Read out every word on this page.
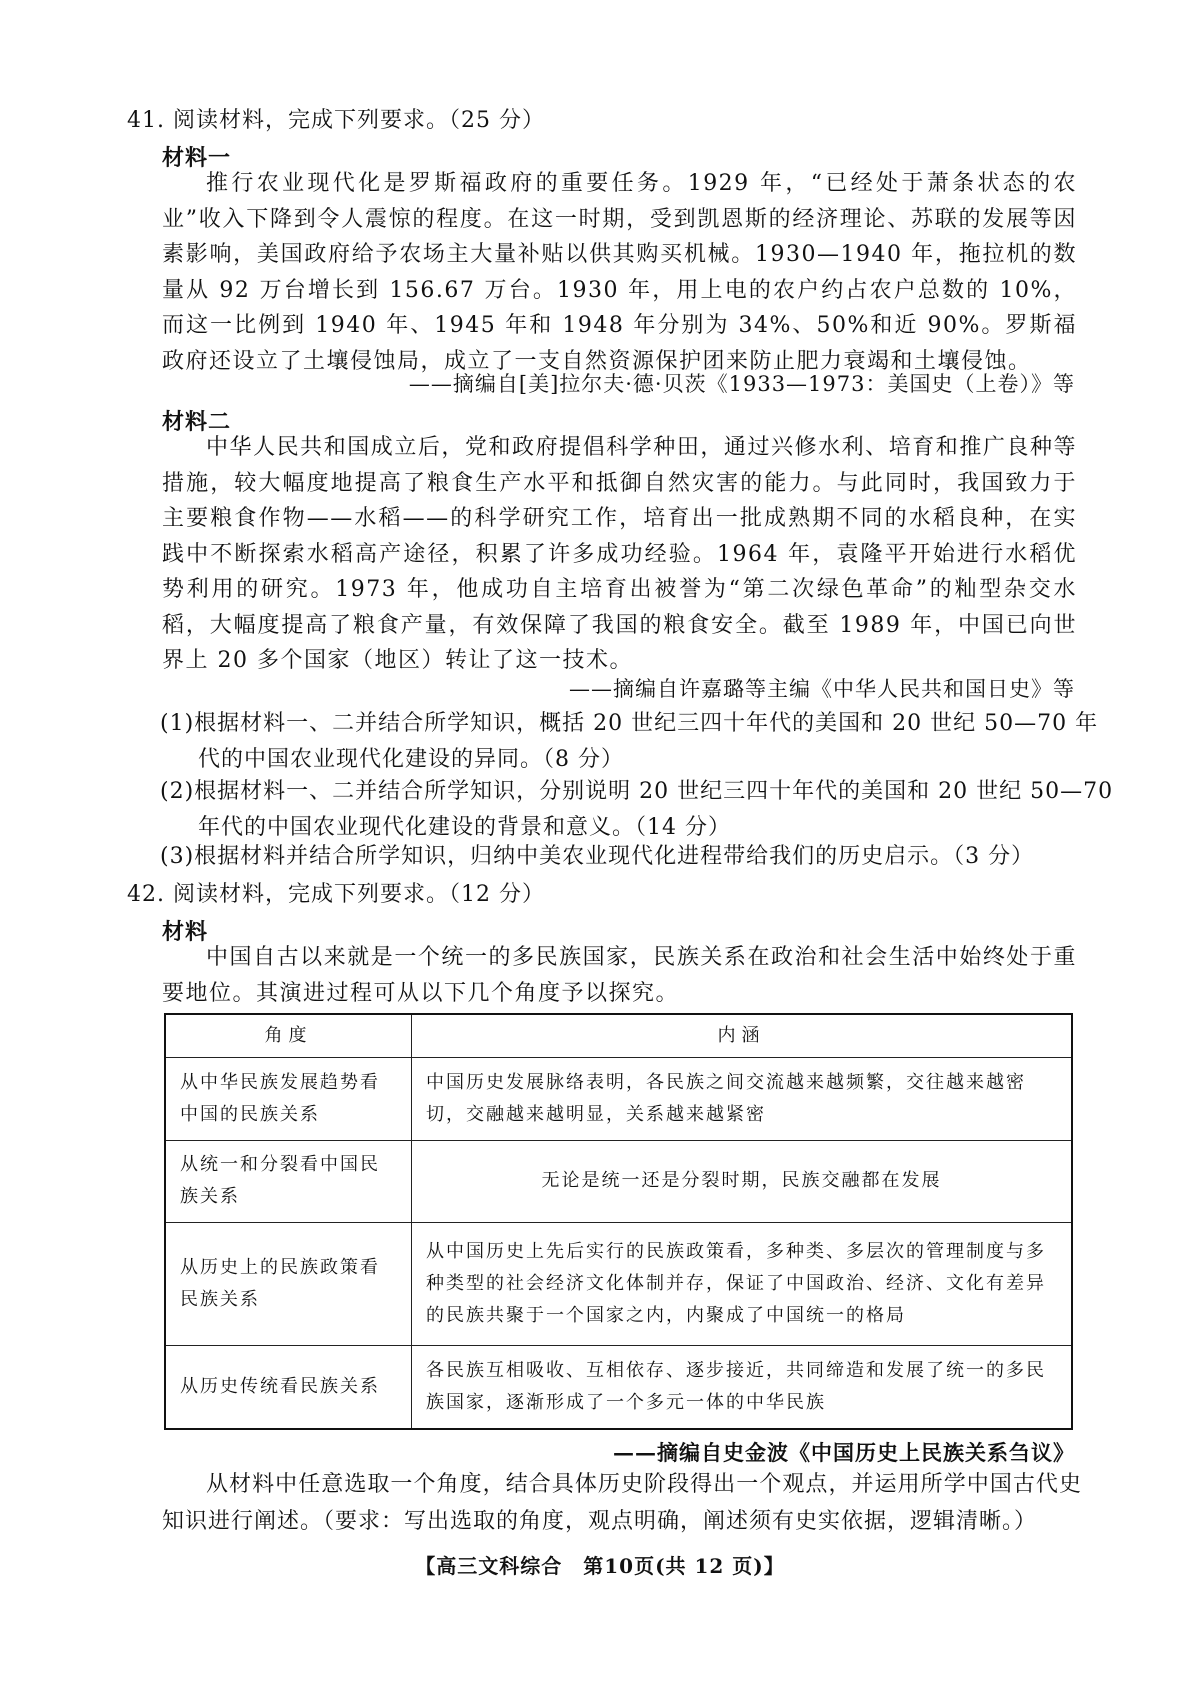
41. 阅读材料，完成下列要求。（25 分）
材料一

推行农业现代化是罗斯福政府的重要任务。1929 年，“已经处于萧条状态的农业”收入下降到令人震惊的程度。在这一时期，受到凯恩斯的经济理论、苏联的发展等因素影响，美国政府给予农场主大量补贴以供其购买机械。1930—1940 年，拖拉机的数量从 92 万台增长到 156.67 万台。1930 年，用上电的农户约占农户总数的 10%，而这一比例到 1940 年、1945 年和 1948 年分别为 34%、50%和近 90%。罗斯福政府还设立了土壤侵蚀局，成立了一支自然资源保护团来防止肥力衰竭和土壤侵蚀。

——摘编自[美]拉尔夫·德·贝茨《1933—1973：美国史（上卷）》等
材料二

中华人民共和国成立后，党和政府提倡科学种田，通过兴修水利、培育和推广良种等措施，较大幅度地提高了粮食生产水平和抵御自然灾害的能力。与此同时，我国致力于主要粮食作物——水稻——的科学研究工作，培育出一批成熟期不同的水稻良种，在实践中不断探索水稻高产途径，积累了许多成功经验。1964 年，袁隆平开始进行水稻优势利用的研究。1973 年，他成功自主培育出被誉为“第二次绿色革命”的籼型杂交水稻，大幅度提高了粮食产量，有效保障了我国的粮食安全。截至 1989 年，中国已向世界上 20 多个国家（地区）转让了这一技术。

——摘编自许嘉璐等主编《中华人民共和国日史》等

(1)根据材料一、二并结合所学知识，概括 20 世纪三四十年代的美国和 20 世纪 50—70 年代的中国农业现代化建设的异同。（8 分）

(2)根据材料一、二并结合所学知识，分别说明 20 世纪三四十年代的美国和 20 世纪 50—70 年代的中国农业现代化建设的背景和意义。（14 分）

(3)根据材料并结合所学知识，归纳中美农业现代化进程带给我们的历史启示。（3 分）

42. 阅读材料，完成下列要求。（12 分）
材料

中国自古以来就是一个统一的多民族国家，民族关系在政治和社会生活中始终处于重要地位。其演进过程可从以下几个角度予以探究。

角度	内涵
从中华民族发展趋势看中国的民族关系	中国历史发展脉络表明，各民族之间交流越来越频繁，交往越来越密切，交融越来越明显，关系越来越紧密
从统一和分裂看中国民族关系	无论是统一还是分裂时期，民族交融都在发展
从历史上的民族政策看民族关系	从中国历史上先后实行的民族政策看，多种类、多层次的管理制度与多种类型的社会经济文化体制并存，保证了中国政治、经济、文化有差异的民族共聚于一个国家之内，内聚成了中国统一的格局
从历史传统看民族关系	各民族互相吸收、互相依存、逐步接近，共同缔造和发展了统一的多民族国家，逐渐形成了一个多元一体的中华民族
——摘编自史金波《中国历史上民族关系刍议》

从材料中任意选取一个角度，结合具体历史阶段得出一个观点，并运用所学中国古代史知识进行阐述。（要求：写出选取的角度，观点明确，阐述须有史实依据，逻辑清晰。）

【高三文科综合　第10页(共 12 页)】
